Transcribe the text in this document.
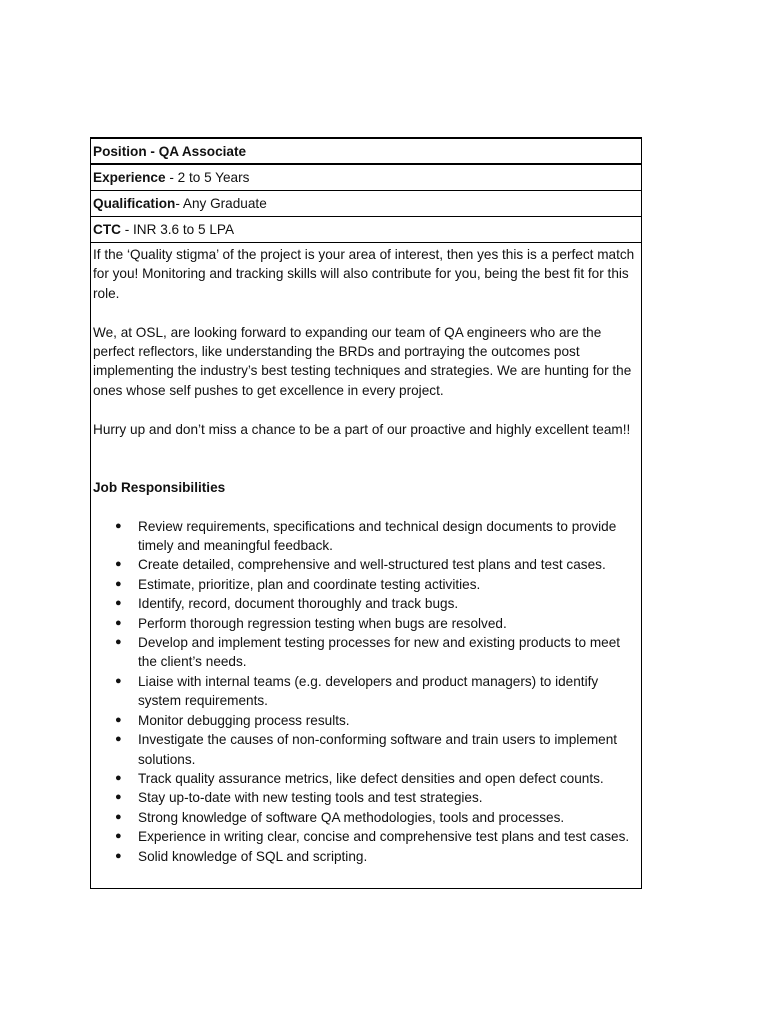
Position - QA Associate
Experience - 2 to 5 Years
Qualification- Any Graduate
CTC - INR 3.6 to 5 LPA

If the ‘Quality stigma’ of the project is your area of interest, then yes this is a perfect match for you! Monitoring and tracking skills will also contribute for you, being the best fit for this role.

We, at OSL, are looking forward to expanding our team of QA engineers who are the perfect reflectors, like understanding the BRDs and portraying the outcomes post implementing the industry’s best testing techniques and strategies. We are hunting for the ones whose self pushes to get excellence in every project.

Hurry up and don’t miss a chance to be a part of our proactive and highly excellent team!!

Job Responsibilities

● Review requirements, specifications and technical design documents to provide timely and meaningful feedback.
● Create detailed, comprehensive and well-structured test plans and test cases.
● Estimate, prioritize, plan and coordinate testing activities.
● Identify, record, document thoroughly and track bugs.
● Perform thorough regression testing when bugs are resolved.
● Develop and implement testing processes for new and existing products to meet the client’s needs.
● Liaise with internal teams (e.g. developers and product managers) to identify system requirements.
● Monitor debugging process results.
● Investigate the causes of non-conforming software and train users to implement solutions.
● Track quality assurance metrics, like defect densities and open defect counts.
● Stay up-to-date with new testing tools and test strategies.
● Strong knowledge of software QA methodologies, tools and processes.
● Experience in writing clear, concise and comprehensive test plans and test cases.
● Solid knowledge of SQL and scripting.
